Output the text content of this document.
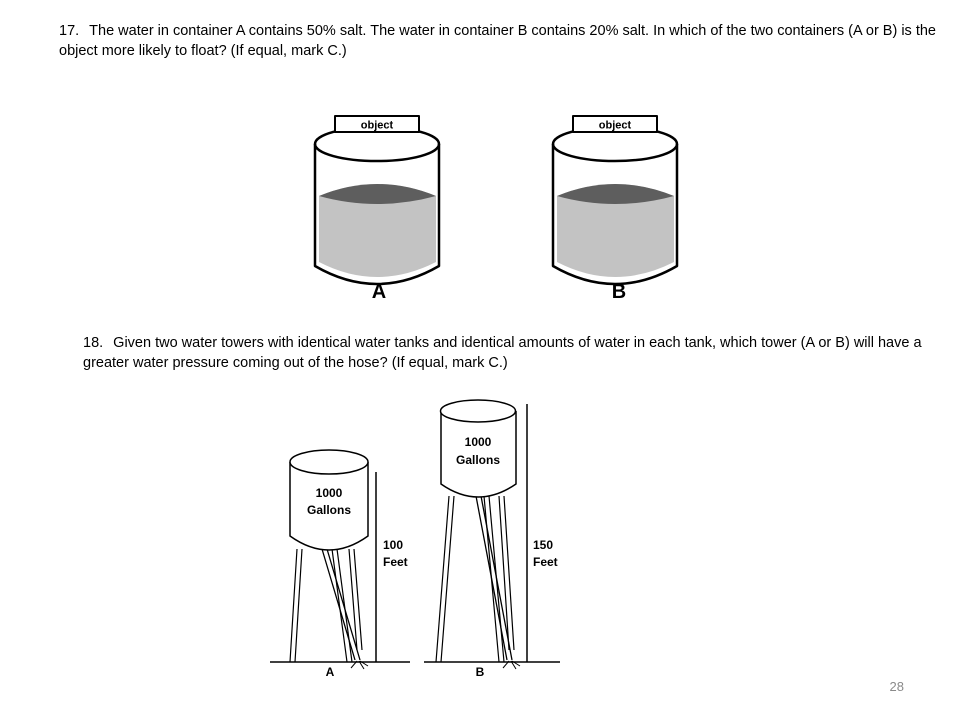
17. The water in container A contains 50% salt. The water in container B contains 20% salt. In which of the two containers (A or B) is the object more likely to float? (If equal, mark C.)
object
A
object
B
1000
Gallons
100
Feet
A
1000
Gallons
150
Feet
B
18. Given two water towers with identical water tanks and identical amounts of water in each tank, which tower (A or B) will have a greater water pressure coming out of the hose? (If equal, mark C.)
28
